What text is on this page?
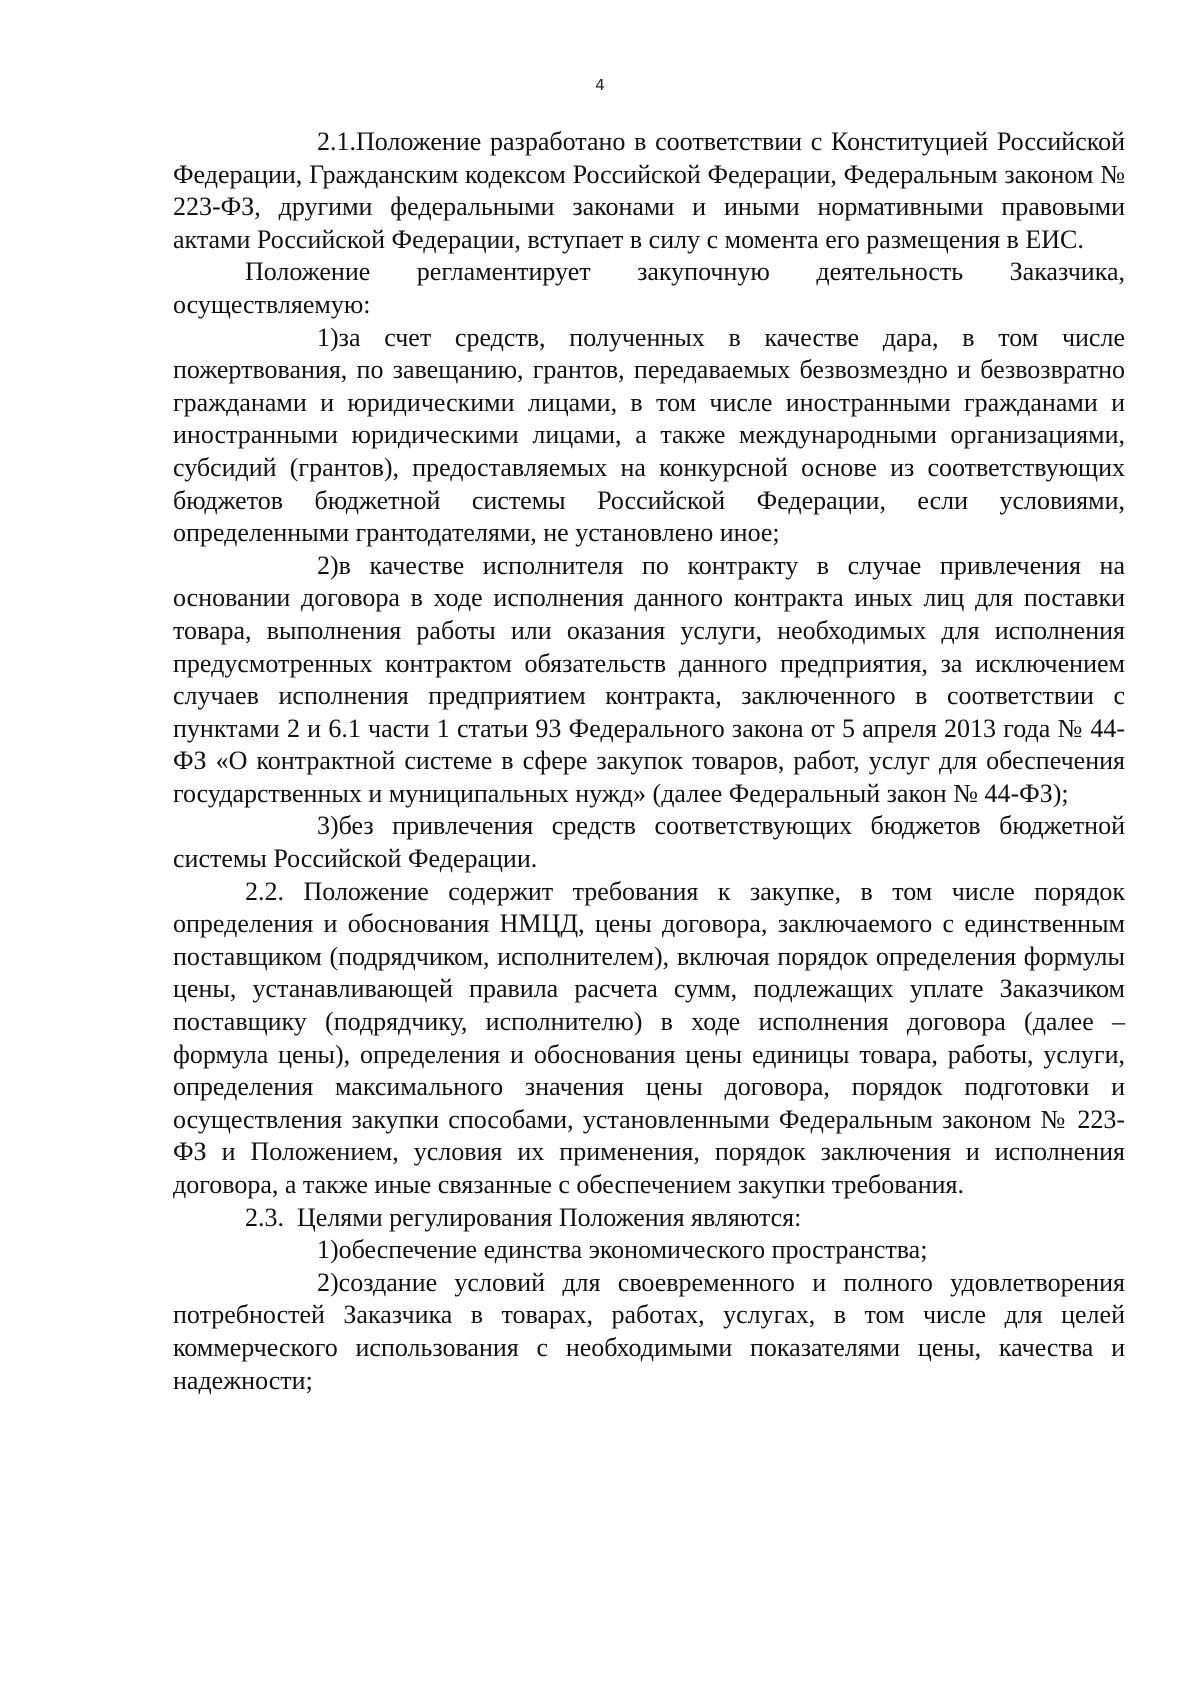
4

2.1.Положение разработано в соответствии с Конституцией Российской Федерации, Гражданским кодексом Российской Федерации, Федеральным законом № 223-ФЗ, другими федеральными законами и иными нормативными правовыми актами Российской Федерации, вступает в силу с момента его размещения в ЕИС.

Положение регламентирует закупочную деятельность Заказчика, осуществляемую:

1)за счет средств, полученных в качестве дара, в том числе пожертвования, по завещанию, грантов, передаваемых безвозмездно и безвозвратно гражданами и юридическими лицами, в том числе иностранными гражданами и иностранными юридическими лицами, а также международными организациями, субсидий (грантов), предоставляемых на конкурсной основе из соответствующих бюджетов бюджетной системы Российской Федерации, если условиями, определенными грантодателями, не установлено иное;

2)в качестве исполнителя по контракту в случае привлечения на основании договора в ходе исполнения данного контракта иных лиц для поставки товара, выполнения работы или оказания услуги, необходимых для исполнения предусмотренных контрактом обязательств данного предприятия, за исключением случаев исполнения предприятием контракта, заключенного в соответствии с пунктами 2 и 6.1 части 1 статьи 93 Федерального закона от 5 апреля 2013 года № 44-ФЗ «О контрактной системе в сфере закупок товаров, работ, услуг для обеспечения государственных и муниципальных нужд» (далее Федеральный закон № 44-ФЗ);

3)без привлечения средств соответствующих бюджетов бюджетной системы Российской Федерации.

2.2. Положение содержит требования к закупке, в том числе порядок определения и обоснования НМЦД, цены договора, заключаемого с единственным поставщиком (подрядчиком, исполнителем), включая порядок определения формулы цены, устанавливающей правила расчета сумм, подлежащих уплате Заказчиком поставщику (подрядчику, исполнителю) в ходе исполнения договора (далее – формула цены), определения и обоснования цены единицы товара, работы, услуги, определения максимального значения цены договора, порядок подготовки и осуществления закупки способами, установленными Федеральным законом № 223-ФЗ и Положением, условия их применения, порядок заключения и исполнения договора, а также иные связанные с обеспечением закупки требования.

2.3. Целями регулирования Положения являются:

1)обеспечение единства экономического пространства;

2)создание условий для своевременного и полного удовлетворения потребностей Заказчика в товарах, работах, услугах, в том числе для целей коммерческого использования с необходимыми показателями цены, качества и надежности;
